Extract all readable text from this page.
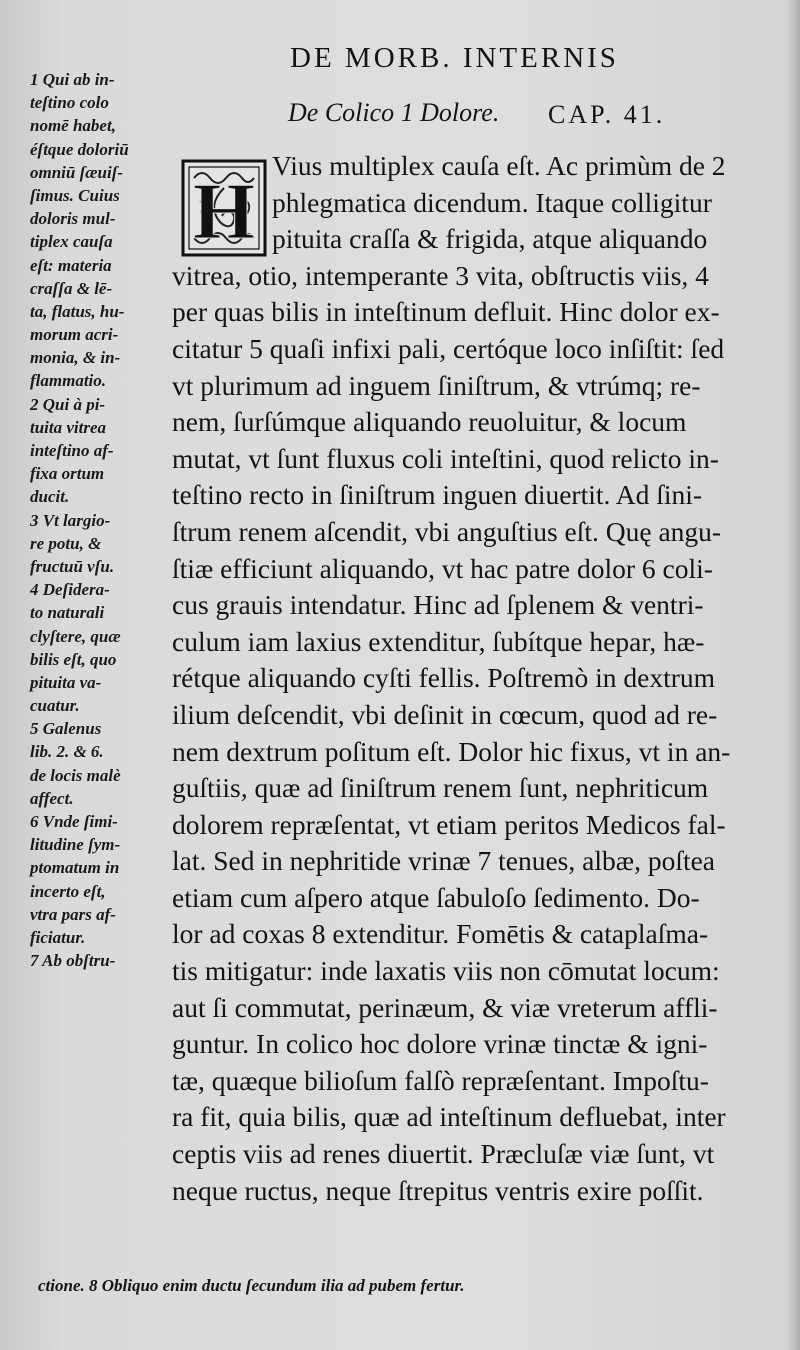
DE MORB. INTERNIS
De Colico 1 Dolore. CAP. 41.
H
Vius multiplex cauſa eſt. Ac primùm de 2
phlegmatica dicendum. Itaque colligitur
pituita craſſa & frigida, atque aliquando
vitrea, otio, intemperante 3 vita, obſtructis viis, 4
per quas bilis in inteſtinum defluit. Hinc dolor ex-
citatur 5 quaſi infixi pali, certóque loco inſiſtit: ſed
vt plurimum ad inguem ſiniſtrum, & vtrúmq; re-
nem, ſurſúmque aliquando reuoluitur, & locum
mutat, vt ſunt fluxus coli inteſtini, quod relicto in-
teſtino recto in ſiniſtrum inguen diuertit. Ad ſini-
ſtrum renem aſcendit, vbi anguſtius eſt. Quę angu-
ſtiæ efficiunt aliquando, vt hac patre dolor 6 coli-
cus grauis intendatur. Hinc ad ſplenem & ventri-
culum iam laxius extenditur, ſubítque hepar, hæ-
rétque aliquando cyſti fellis. Poſtremò in dextrum
ilium deſcendit, vbi deſinit in cœcum, quod ad re-
nem dextrum poſitum eſt. Dolor hic fixus, vt in an-
guſtiis, quæ ad ſiniſtrum renem ſunt, nephriticum
dolorem repræſentat, vt etiam peritos Medicos fal-
lat. Sed in nephritide vrinæ 7 tenues, albæ, poſtea
etiam cum aſpero atque ſabuloſo ſedimento. Do-
lor ad coxas 8 extenditur. Fomētis & cataplaſma-
tis mitigatur: inde laxatis viis non cōmutat locum:
aut ſi commutat, perinæum, & viæ vreterum affli-
guntur. In colico hoc dolore vrinæ tinctæ & igni-
tæ, quæque bilioſum falſò repræſentant. Impoſtu-
ra fit, quia bilis, quæ ad inteſtinum defluebat, inter
ceptis viis ad renes diuertit. Præcluſæ viæ ſunt, vt
neque ructus, neque ſtrepitus ventris exire poſſit.
1 Qui ab in-
teſtino colo
nomē habet,
éſtque doloriū
omniū ſæuiſ-
ſimus. Cuius
doloris mul-
tiplex cauſa
eſt: materia
craſſa & lē-
ta, flatus, hu-
morum acri-
monia, & in-
flammatio.
2 Qui à pi-
tuita vitrea
inteſtino af-
fixa ortum
ducit.
3 Vt largio-
re potu, &
fructuū vſu.
4 Deſidera-
to naturali
clyſtere, quæ
bilis eſt, quo
pituita va-
cuatur.
5 Galenus
lib. 2. & 6.
de locis malè
affect.
6 Vnde ſimi-
litudine ſym-
ptomatum in
incerto eſt,
vtra pars af-
ficiatur.
7 Ab obſtru-
ctione. 8 Obliquo enim ductu ſecundum ilia ad pubem fertur.
